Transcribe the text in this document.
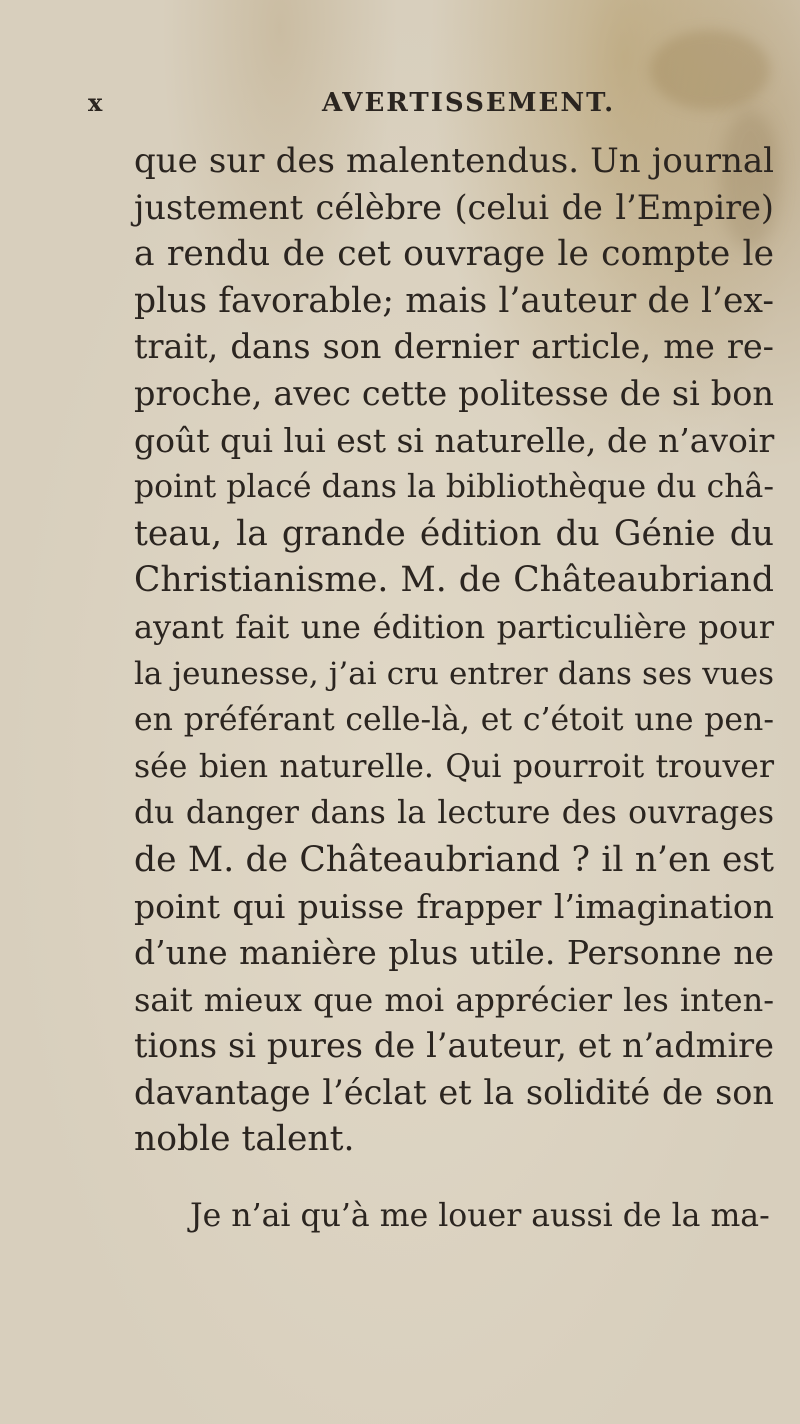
x	AVERTISSEMENT.
que sur des malentendus. Un journal
justement célèbre (celui de l’Empire)
a rendu de cet ouvrage le compte le
plus favorable; mais l’auteur de l’ex-
trait, dans son dernier article, me re-
proche, avec cette politesse de si bon
goût qui lui est si naturelle, de n’avoir
point placé dans la bibliothèque du châ-
teau, la grande édition du Génie du
Christianisme. M. de Châteaubriand
ayant fait une édition particulière pour
la jeunesse, j’ai cru entrer dans ses vues
en préférant celle-là, et c’étoit une pen-
sée bien naturelle. Qui pourroit trouver
du danger dans la lecture des ouvrages
de M. de Châteaubriand ? il n’en est
point qui puisse frapper l’imagination
d’une manière plus utile. Personne ne
sait mieux que moi apprécier les inten-
tions si pures de l’auteur, et n’admire
davantage l’éclat et la solidité de son
noble talent.
Je n’ai qu’à me louer aussi de la ma-
